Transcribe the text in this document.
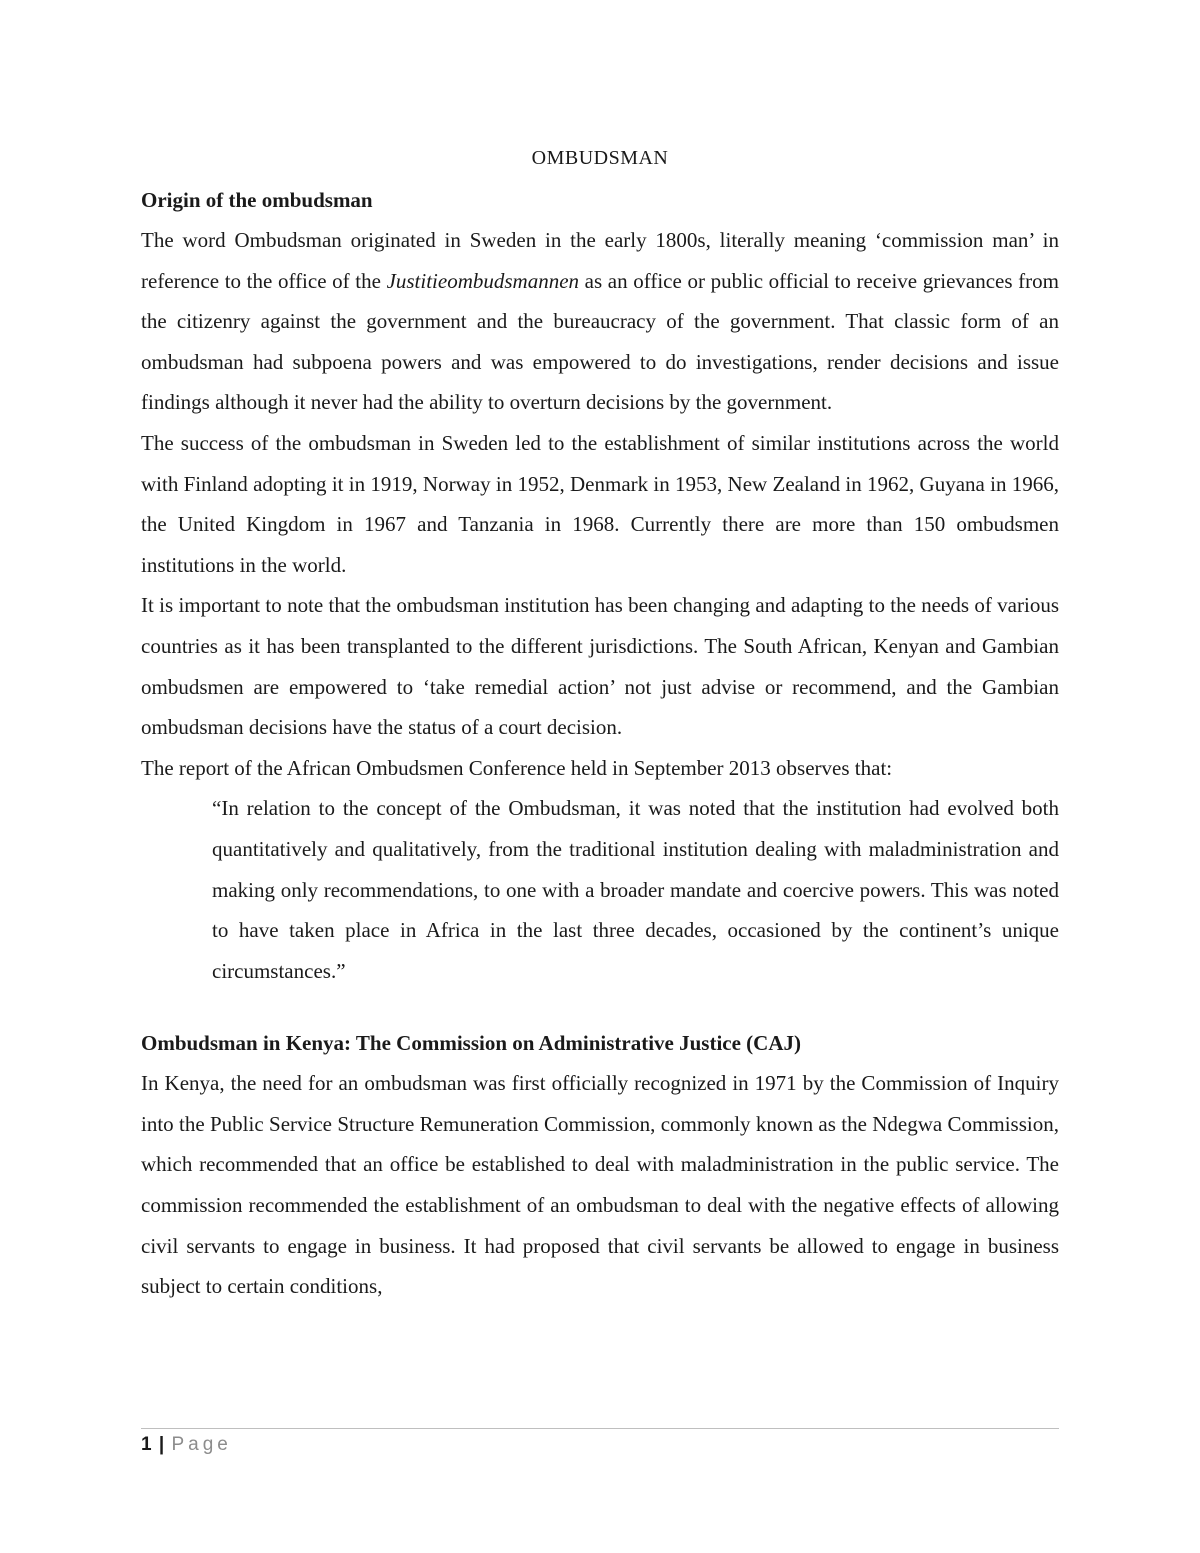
OMBUDSMAN
Origin of the ombudsman

The word Ombudsman originated in Sweden in the early 1800s, literally meaning ‘commission man’ in reference to the office of the Justitieombudsmannen as an office or public official to receive grievances from the citizenry against the government and the bureaucracy of the government. That classic form of an ombudsman had subpoena powers and was empowered to do investigations, render decisions and issue findings although it never had the ability to overturn decisions by the government.

The success of the ombudsman in Sweden led to the establishment of similar institutions across the world with Finland adopting it in 1919, Norway in 1952, Denmark in 1953, New Zealand in 1962, Guyana in 1966, the United Kingdom in 1967 and Tanzania in 1968. Currently there are more than 150 ombudsmen institutions in the world.

It is important to note that the ombudsman institution has been changing and adapting to the needs of various countries as it has been transplanted to the different jurisdictions. The South African, Kenyan and Gambian ombudsmen are empowered to ‘take remedial action’ not just advise or recommend, and the Gambian ombudsman decisions have the status of a court decision.

The report of the African Ombudsmen Conference held in September 2013 observes that:

“In relation to the concept of the Ombudsman, it was noted that the institution had evolved both quantitatively and qualitatively, from the traditional institution dealing with maladministration and making only recommendations, to one with a broader mandate and coercive powers. This was noted to have taken place in Africa in the last three decades, occasioned by the continent’s unique circumstances.”
Ombudsman in Kenya: The Commission on Administrative Justice (CAJ)

In Kenya, the need for an ombudsman was first officially recognized in 1971 by the Commission of Inquiry into the Public Service Structure Remuneration Commission, commonly known as the Ndegwa Commission, which recommended that an office be established to deal with maladministration in the public service. The commission recommended the establishment of an ombudsman to deal with the negative effects of allowing civil servants to engage in business. It had proposed that civil servants be allowed to engage in business subject to certain conditions,

1 | Page
